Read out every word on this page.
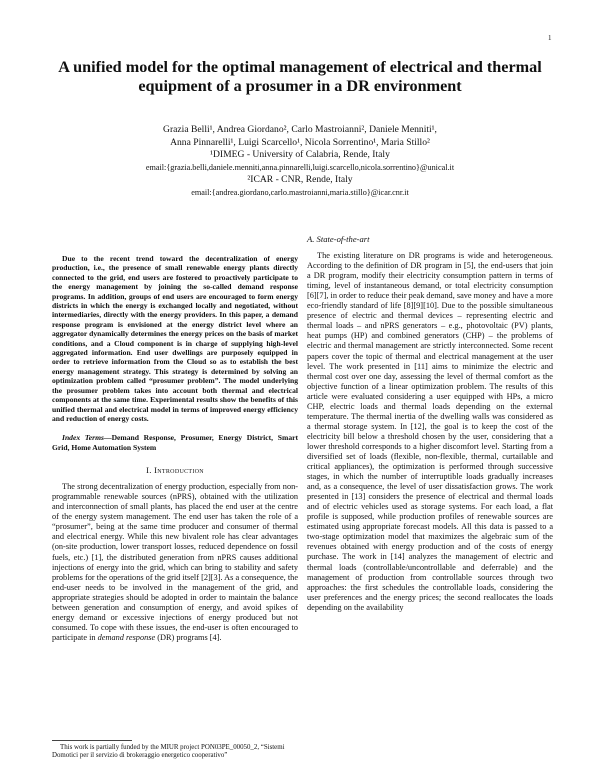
1
A unified model for the optimal management of electrical and thermal equipment of a prosumer in a DR environment
Grazia Belli¹, Andrea Giordano², Carlo Mastroianni², Daniele Menniti¹,
Anna Pinnarelli¹, Luigi Scarcello¹, Nicola Sorrentino¹, Maria Stillo²
¹DIMEG - University of Calabria, Rende, Italy
email:{grazia.belli,daniele.menniti,anna.pinnarelli,luigi.scarcello,nicola.sorrentino}@unical.it
²ICAR - CNR, Rende, Italy
email:{andrea.giordano,carlo.mastroianni,maria.stillo}@icar.cnr.it

Due to the recent trend toward the decentralization of energy production, i.e., the presence of small renewable energy plants directly connected to the grid, end users are fostered to proactively participate to the energy management by joining the so-called demand response programs. In addition, groups of end users are encouraged to form energy districts in which the energy is exchanged locally and negotiated, without intermediaries, directly with the energy providers. In this paper, a demand response program is envisioned at the energy district level where an aggregator dynamically determines the energy prices on the basis of market conditions, and a Cloud component is in charge of supplying high-level aggregated information. End user dwellings are purposely equipped in order to retrieve information from the Cloud so as to establish the best energy management strategy. This strategy is determined by solving an optimization problem called “prosumer problem”. The model underlying the prosumer problem takes into account both thermal and electrical components at the same time. Experimental results show the benefits of this unified thermal and electrical model in terms of improved energy efficiency and reduction of energy costs.

Index Terms—Demand Response, Prosumer, Energy District, Smart Grid, Home Automation System

I. Introduction

The strong decentralization of energy production, especially from non-programmable renewable sources (nPRS), obtained with the utilization and interconnection of small plants, has placed the end user at the centre of the energy system management. The end user has taken the role of a “prosumer”, being at the same time producer and consumer of thermal and electrical energy. While this new bivalent role has clear advantages (on-site production, lower transport losses, reduced dependence on fossil fuels, etc.) [1], the distributed generation from nPRS causes additional injections of energy into the grid, which can bring to stability and safety problems for the operations of the grid itself [2][3]. As a consequence, the end-user needs to be involved in the management of the grid, and appropriate strategies should be adopted in order to maintain the balance between generation and consumption of energy, and avoid spikes of energy demand or excessive injections of energy produced but not consumed. To cope with these issues, the end-user is often encouraged to participate in demand response (DR) programs [4].

This work is partially funded by the MIUR project PON03PE_00050_2, “Sistemi Domotici per il servizio di brokeraggio energetico cooperativo”
A. State-of-the-art

The existing literature on DR programs is wide and heterogeneous. According to the definition of DR program in [5], the end-users that join a DR program, modify their electricity consumption pattern in terms of timing, level of instantaneous demand, or total electricity consumption [6][7], in order to reduce their peak demand, save money and have a more eco-friendly standard of life [8][9][10]. Due to the possible simultaneous presence of electric and thermal devices – representing electric and thermal loads – and nPRS generators – e.g., photovoltaic (PV) plants, heat pumps (HP) and combined generators (CHP) – the problems of electric and thermal management are strictly interconnected. Some recent papers cover the topic of thermal and electrical management at the user level. The work presented in [11] aims to minimize the electric and thermal cost over one day, assessing the level of thermal comfort as the objective function of a linear optimization problem. The results of this article were evaluated considering a user equipped with HPs, a micro CHP, electric loads and thermal loads depending on the external temperature. The thermal inertia of the dwelling walls was considered as a thermal storage system. In [12], the goal is to keep the cost of the electricity bill below a threshold chosen by the user, considering that a lower threshold corresponds to a higher discomfort level. Starting from a diversified set of loads (flexible, non-flexible, thermal, curtailable and critical appliances), the optimization is performed through successive stages, in which the number of interruptible loads gradually increases and, as a consequence, the level of user dissatisfaction grows. The work presented in [13] considers the presence of electrical and thermal loads and of electric vehicles used as storage systems. For each load, a flat profile is supposed, while production profiles of renewable sources are estimated using appropriate forecast models. All this data is passed to a two-stage optimization model that maximizes the algebraic sum of the revenues obtained with energy production and of the costs of energy purchase. The work in [14] analyzes the management of electric and thermal loads (controllable/uncontrollable and deferrable) and the management of production from controllable sources through two approaches: the first schedules the controllable loads, considering the user preferences and the energy prices; the second reallocates the loads depending on the availability
